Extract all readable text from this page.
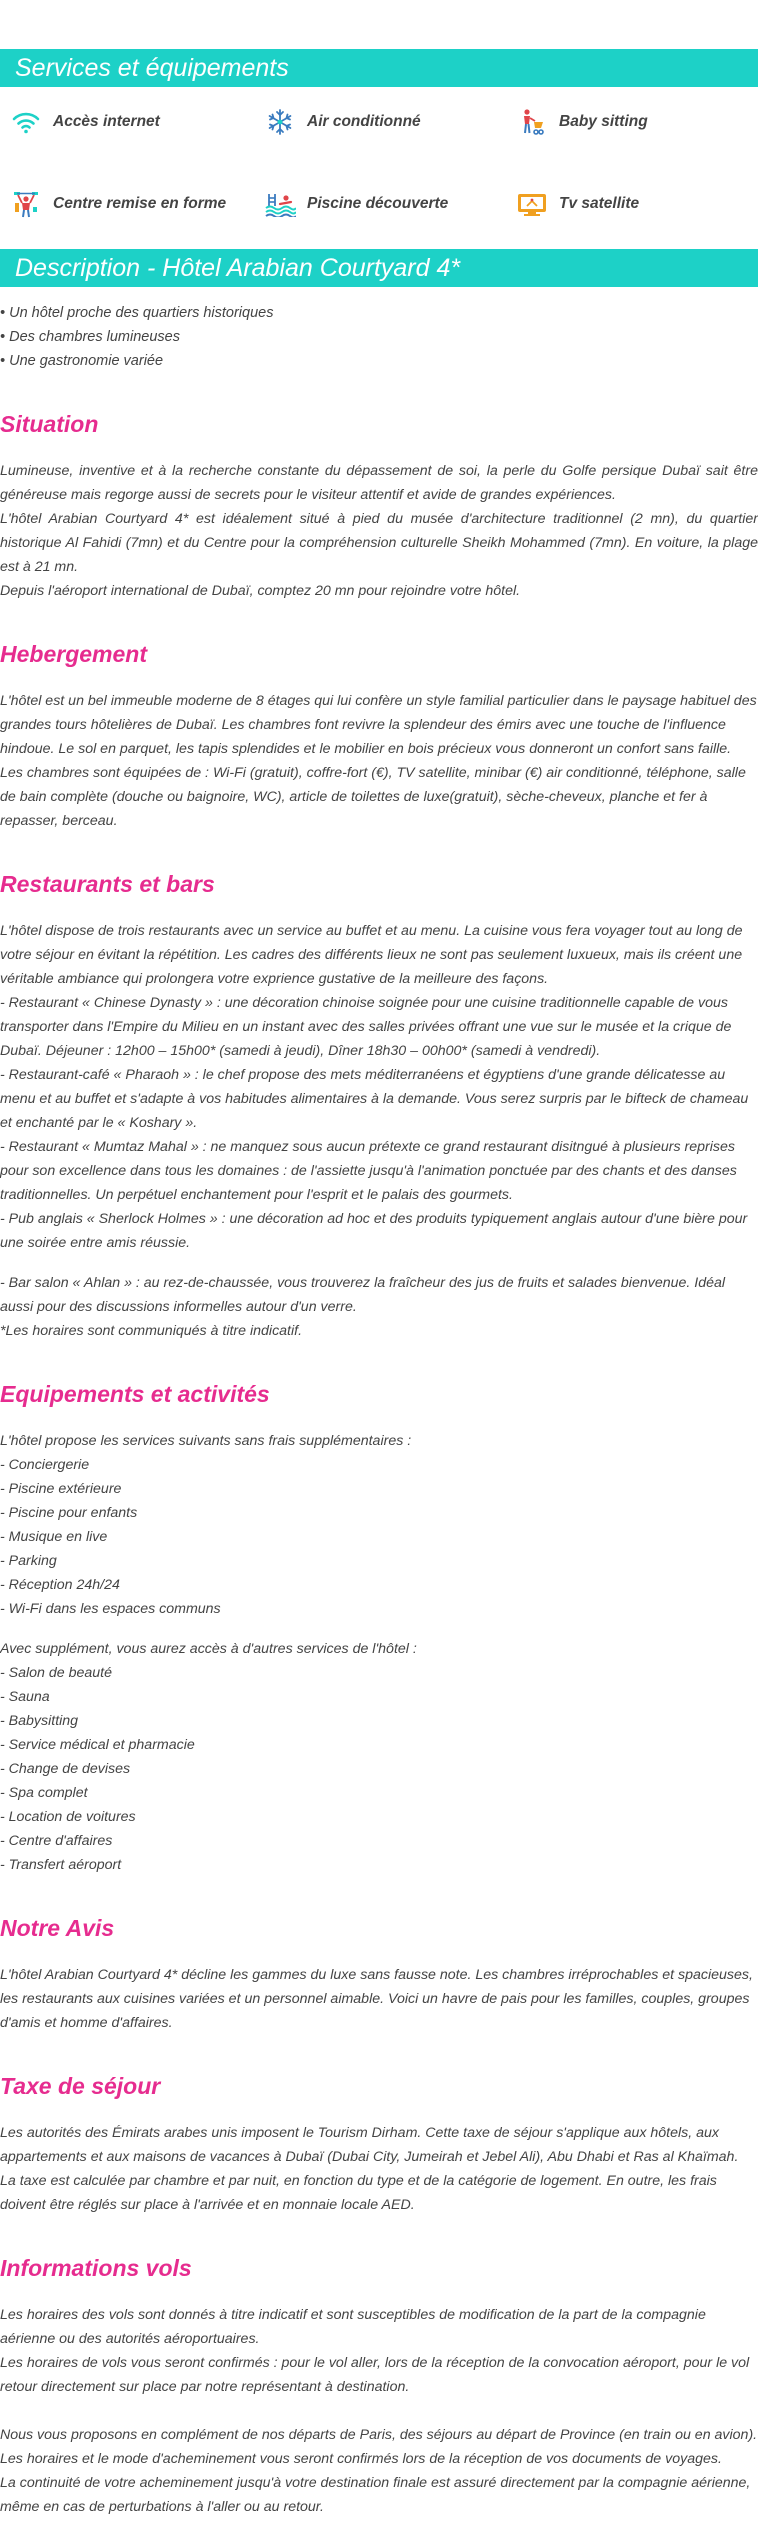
Services et équipements
Accès internet	Air conditionné	Baby sitting
Centre remise en forme	Piscine découverte	Tv satellite
Description - Hôtel Arabian Courtyard 4*

• Un hôtel proche des quartiers historiques

• Des chambres lumineuses

• Une gastronomie variée

Situation

Lumineuse, inventive et à la recherche constante du dépassement de soi, la perle du Golfe persique Dubaï sait être généreuse mais regorge aussi de secrets pour le visiteur attentif et avide de grandes expériences.

L'hôtel Arabian Courtyard 4* est idéalement situé à pied du musée d'architecture traditionnel (2 mn), du quartier historique Al Fahidi (7mn) et du Centre pour la compréhension culturelle Sheikh Mohammed (7mn). En voiture, la plage est à 21 mn.

Depuis l'aéroport international de Dubaï, comptez 20 mn pour rejoindre votre hôtel.

Hebergement

L'hôtel est un bel immeuble moderne de 8 étages qui lui confère un style familial particulier dans le paysage habituel des grandes tours hôtelières de Dubaï. Les chambres font revivre la splendeur des émirs avec une touche de l'influence hindoue. Le sol en parquet, les tapis splendides et le mobilier en bois précieux vous donneront un confort sans faille.

Les chambres sont équipées de : Wi-Fi (gratuit), coffre-fort (€), TV satellite, minibar (€) air conditionné, téléphone, salle de bain complète (douche ou baignoire, WC), article de toilettes de luxe(gratuit), sèche-cheveux, planche et fer à repasser, berceau.

Restaurants et bars

L'hôtel dispose de trois restaurants avec un service au buffet et au menu. La cuisine vous fera voyager tout au long de votre séjour en évitant la répétition. Les cadres des différents lieux ne sont pas seulement luxueux, mais ils créent une véritable ambiance qui prolongera votre exprience gustative de la meilleure des façons.

- Restaurant « Chinese Dynasty » : une décoration chinoise soignée pour une cuisine traditionnelle capable de vous transporter dans l'Empire du Milieu en un instant avec des salles privées offrant une vue sur le musée et la crique de Dubaï. Déjeuner : 12h00 – 15h00* (samedi à jeudi), Dîner 18h30 – 00h00* (samedi à vendredi).

- Restaurant-café « Pharaoh » : le chef propose des mets méditerranéens et égyptiens d'une grande délicatesse au menu et au buffet et s'adapte à vos habitudes alimentaires à la demande. Vous serez surpris par le bifteck de chameau et enchanté par le « Koshary ».

- Restaurant « Mumtaz Mahal » : ne manquez sous aucun prétexte ce grand restaurant disitngué à plusieurs reprises pour son excellence dans tous les domaines : de l'assiette jusqu'à l'animation ponctuée par des chants et des danses traditionnelles. Un perpétuel enchantement pour l'esprit et le palais des gourmets.

- Pub anglais « Sherlock Holmes » : une décoration ad hoc et des produits typiquement anglais autour d'une bière pour une soirée entre amis réussie.

- Bar salon « Ahlan » : au rez-de-chaussée, vous trouverez la fraîcheur des jus de fruits et salades bienvenue. Idéal aussi pour des discussions informelles autour d'un verre.

*Les horaires sont communiqués à titre indicatif.

Equipements et activités

L'hôtel propose les services suivants sans frais supplémentaires :

- Conciergerie

- Piscine extérieure

- Piscine pour enfants

- Musique en live

- Parking

- Réception 24h/24

- Wi-Fi dans les espaces communs

Avec supplément, vous aurez accès à d'autres services de l'hôtel :

- Salon de beauté

- Sauna

- Babysitting

- Service médical et pharmacie

- Change de devises

- Spa complet

- Location de voitures

- Centre d'affaires

- Transfert aéroport

Notre Avis

L'hôtel Arabian Courtyard 4* décline les gammes du luxe sans fausse note. Les chambres irréprochables et spacieuses, les restaurants aux cuisines variées et un personnel aimable. Voici un havre de pais pour les familles, couples, groupes d'amis et homme d'affaires.

Taxe de séjour

Les autorités des Émirats arabes unis imposent le Tourism Dirham. Cette taxe de séjour s'applique aux hôtels, aux appartements et aux maisons de vacances à Dubaï (Dubai City, Jumeirah et Jebel Ali), Abu Dhabi et Ras al Khaïmah. La taxe est calculée par chambre et par nuit, en fonction du type et de la catégorie de logement. En outre, les frais doivent être réglés sur place à l'arrivée et en monnaie locale AED.

Informations vols

Les horaires des vols sont donnés à titre indicatif et sont susceptibles de modification de la part de la compagnie aérienne ou des autorités aéroportuaires.

Les horaires de vols vous seront confirmés : pour le vol aller, lors de la réception de la convocation aéroport, pour le vol retour directement sur place par notre représentant à destination.

Nous vous proposons en complément de nos départs de Paris, des séjours au départ de Province (en train ou en avion).

Les horaires et le mode d'acheminement vous seront confirmés lors de la réception de vos documents de voyages.

La continuité de votre acheminement jusqu'à votre destination finale est assuré directement par la compagnie aérienne, même en cas de perturbations à l'aller ou au retour.
